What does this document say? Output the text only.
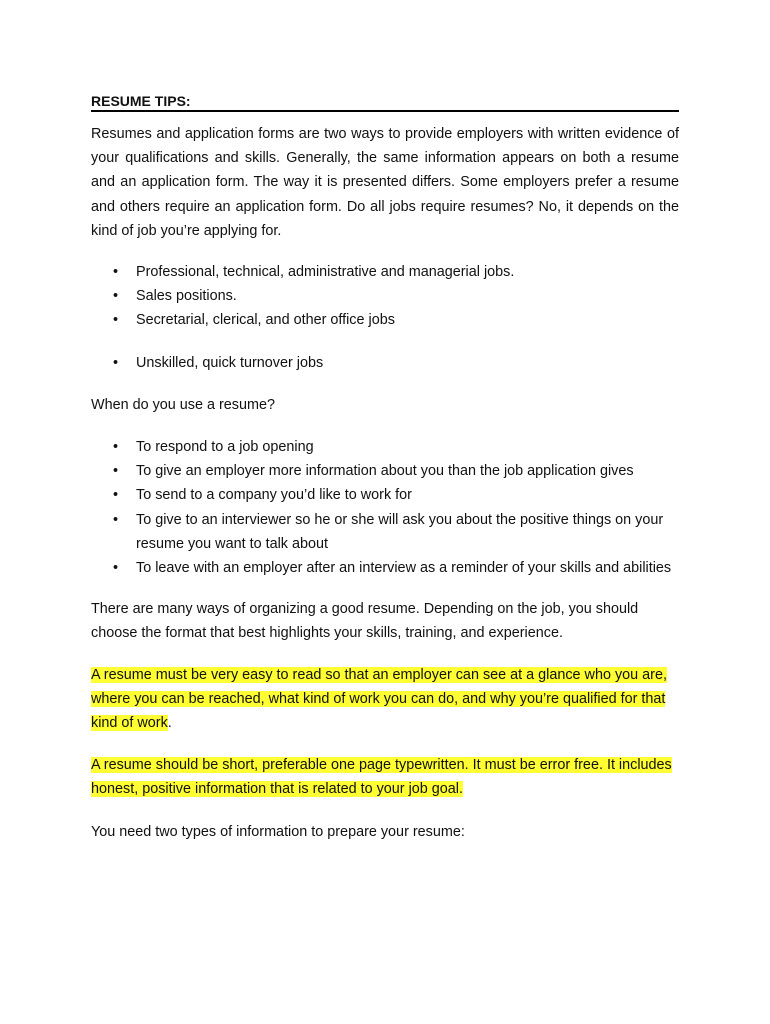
RESUME TIPS:

Resumes and application forms are two ways to provide employers with written evidence of your qualifications and skills. Generally, the same information appears on both a resume and an application form. The way it is presented differs. Some employers prefer a resume and others require an application form. Do all jobs require resumes? No, it depends on the kind of job you’re applying for.

• Professional, technical, administrative and managerial jobs.
• Sales positions.
• Secretarial, clerical, and other office jobs
• Unskilled, quick turnover jobs

When do you use a resume?

• To respond to a job opening
• To give an employer more information about you than the job application gives
• To send to a company you’d like to work for
• To give to an interviewer so he or she will ask you about the positive things on your resume you want to talk about
• To leave with an employer after an interview as a reminder of your skills and abilities

There are many ways of organizing a good resume. Depending on the job, you should choose the format that best highlights your skills, training, and experience.

A resume must be very easy to read so that an employer can see at a glance who you are, where you can be reached, what kind of work you can do, and why you’re qualified for that kind of work.

A resume should be short, preferable one page typewritten. It must be error free. It includes honest, positive information that is related to your job goal.

You need two types of information to prepare your resume:
